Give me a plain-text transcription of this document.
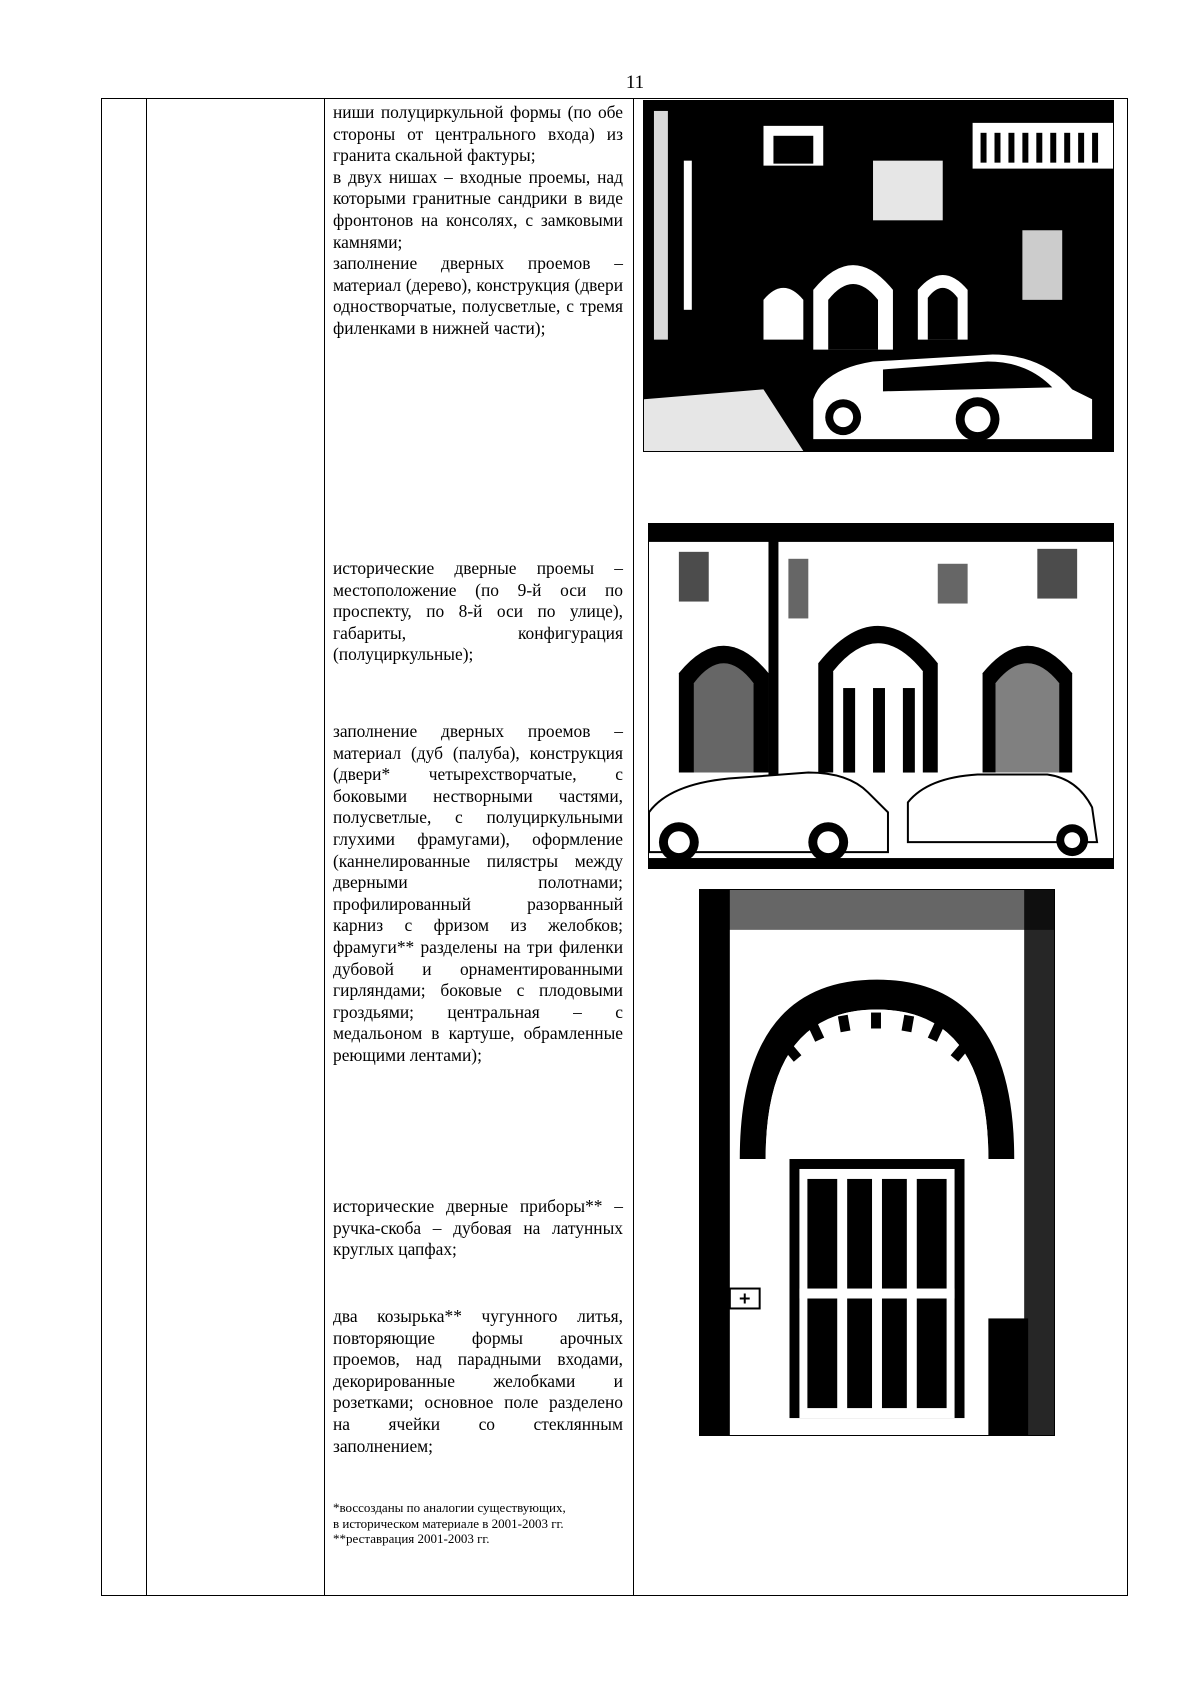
11

ниши полуциркульной формы (по обе стороны от центрального входа) из гранита скальной фактуры;

в двух нишах – входные проемы, над которыми гранитные сандрики в виде фронтонов на консолях, с замковыми камнями;

заполнение дверных проемов – материал (дерево), конструкция (двери одностворчатые, полусветлые, с тремя филенками в нижней части);

исторические дверные проемы – местоположение (по 9-й оси по проспекту, по 8-й оси по улице), габариты, конфигурация (полуциркульные);

заполнение дверных проемов – материал (дуб (палуба), конструкция (двери* четырехстворчатые, с боковыми нестворными частями, полусветлые, с полуциркульными глухими фрамугами), оформление (каннелированные пилястры между дверными полотнами; профилированный разорванный карниз с фризом из желобков; фрамуги** разделены на три филенки дубовой и орнаментированными гирляндами; боковые с плодовыми гроздьями; центральная – с медальоном в картуше, обрамленные реющими лентами);

исторические дверные приборы** – ручка-скоба – дубовая на латунных круглых цапфах;

два козырька** чугунного литья, повторяющие формы арочных проемов, над парадными входами, декорированные желобками и розетками; основное поле разделено на ячейки со стеклянным заполнением;

*воссозданы по аналогии существующих,

в историческом материале в 2001-2003 гг.

**реставрация 2001-2003 гг.
